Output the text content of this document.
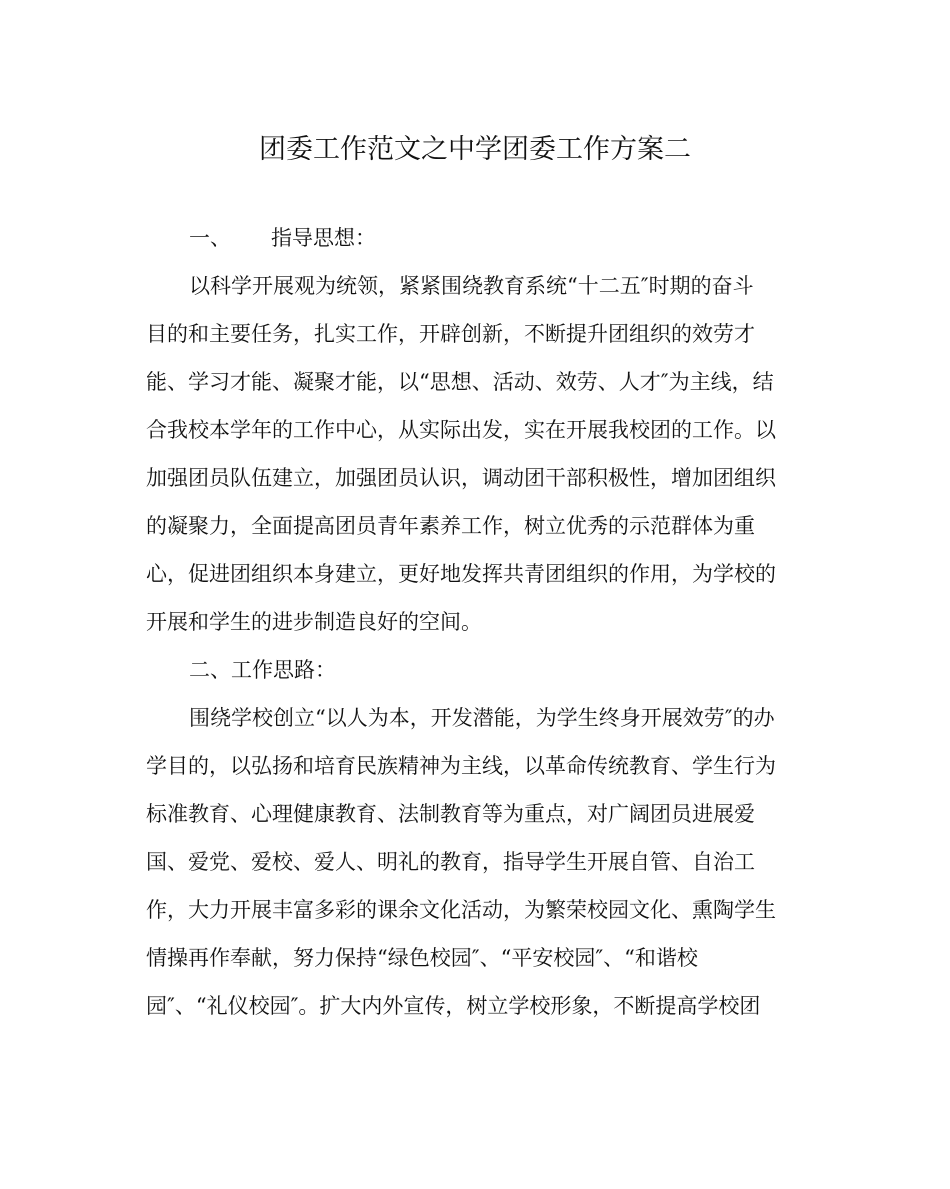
团委工作范文之中学团委工作方案二
一、 指导思想：
以科学开展观为统领，紧紧围绕教育系统“十二五″时期的奋斗
目的和主要任务，扎实工作，开辟创新，不断提升团组织的效劳才
能、学习才能、凝聚才能，以“思想、活动、效劳、人才″为主线，结
合我校本学年的工作中心，从实际出发，实在开展我校团的工作。以
加强团员队伍建立，加强团员认识，调动团干部积极性，增加团组织
的凝聚力，全面提高团员青年素养工作，树立优秀的示范群体为重
心，促进团组织本身建立，更好地发挥共青团组织的作用，为学校的
开展和学生的进步制造良好的空间。
二、工作思路：
围绕学校创立“以人为本，开发潜能，为学生终身开展效劳″的办
学目的，以弘扬和培育民族精神为主线，以革命传统教育、学生行为
标准教育、心理健康教育、法制教育等为重点，对广阔团员进展爱
国、爱党、爱校、爱人、明礼的教育，指导学生开展自管、自治工
作，大力开展丰富多彩的课余文化活动，为繁荣校园文化、熏陶学生
情操再作奉献，努力保持“绿色校园″、“平安校园″、“和谐校
园″、“礼仪校园″。扩大内外宣传，树立学校形象，不断提高学校团
